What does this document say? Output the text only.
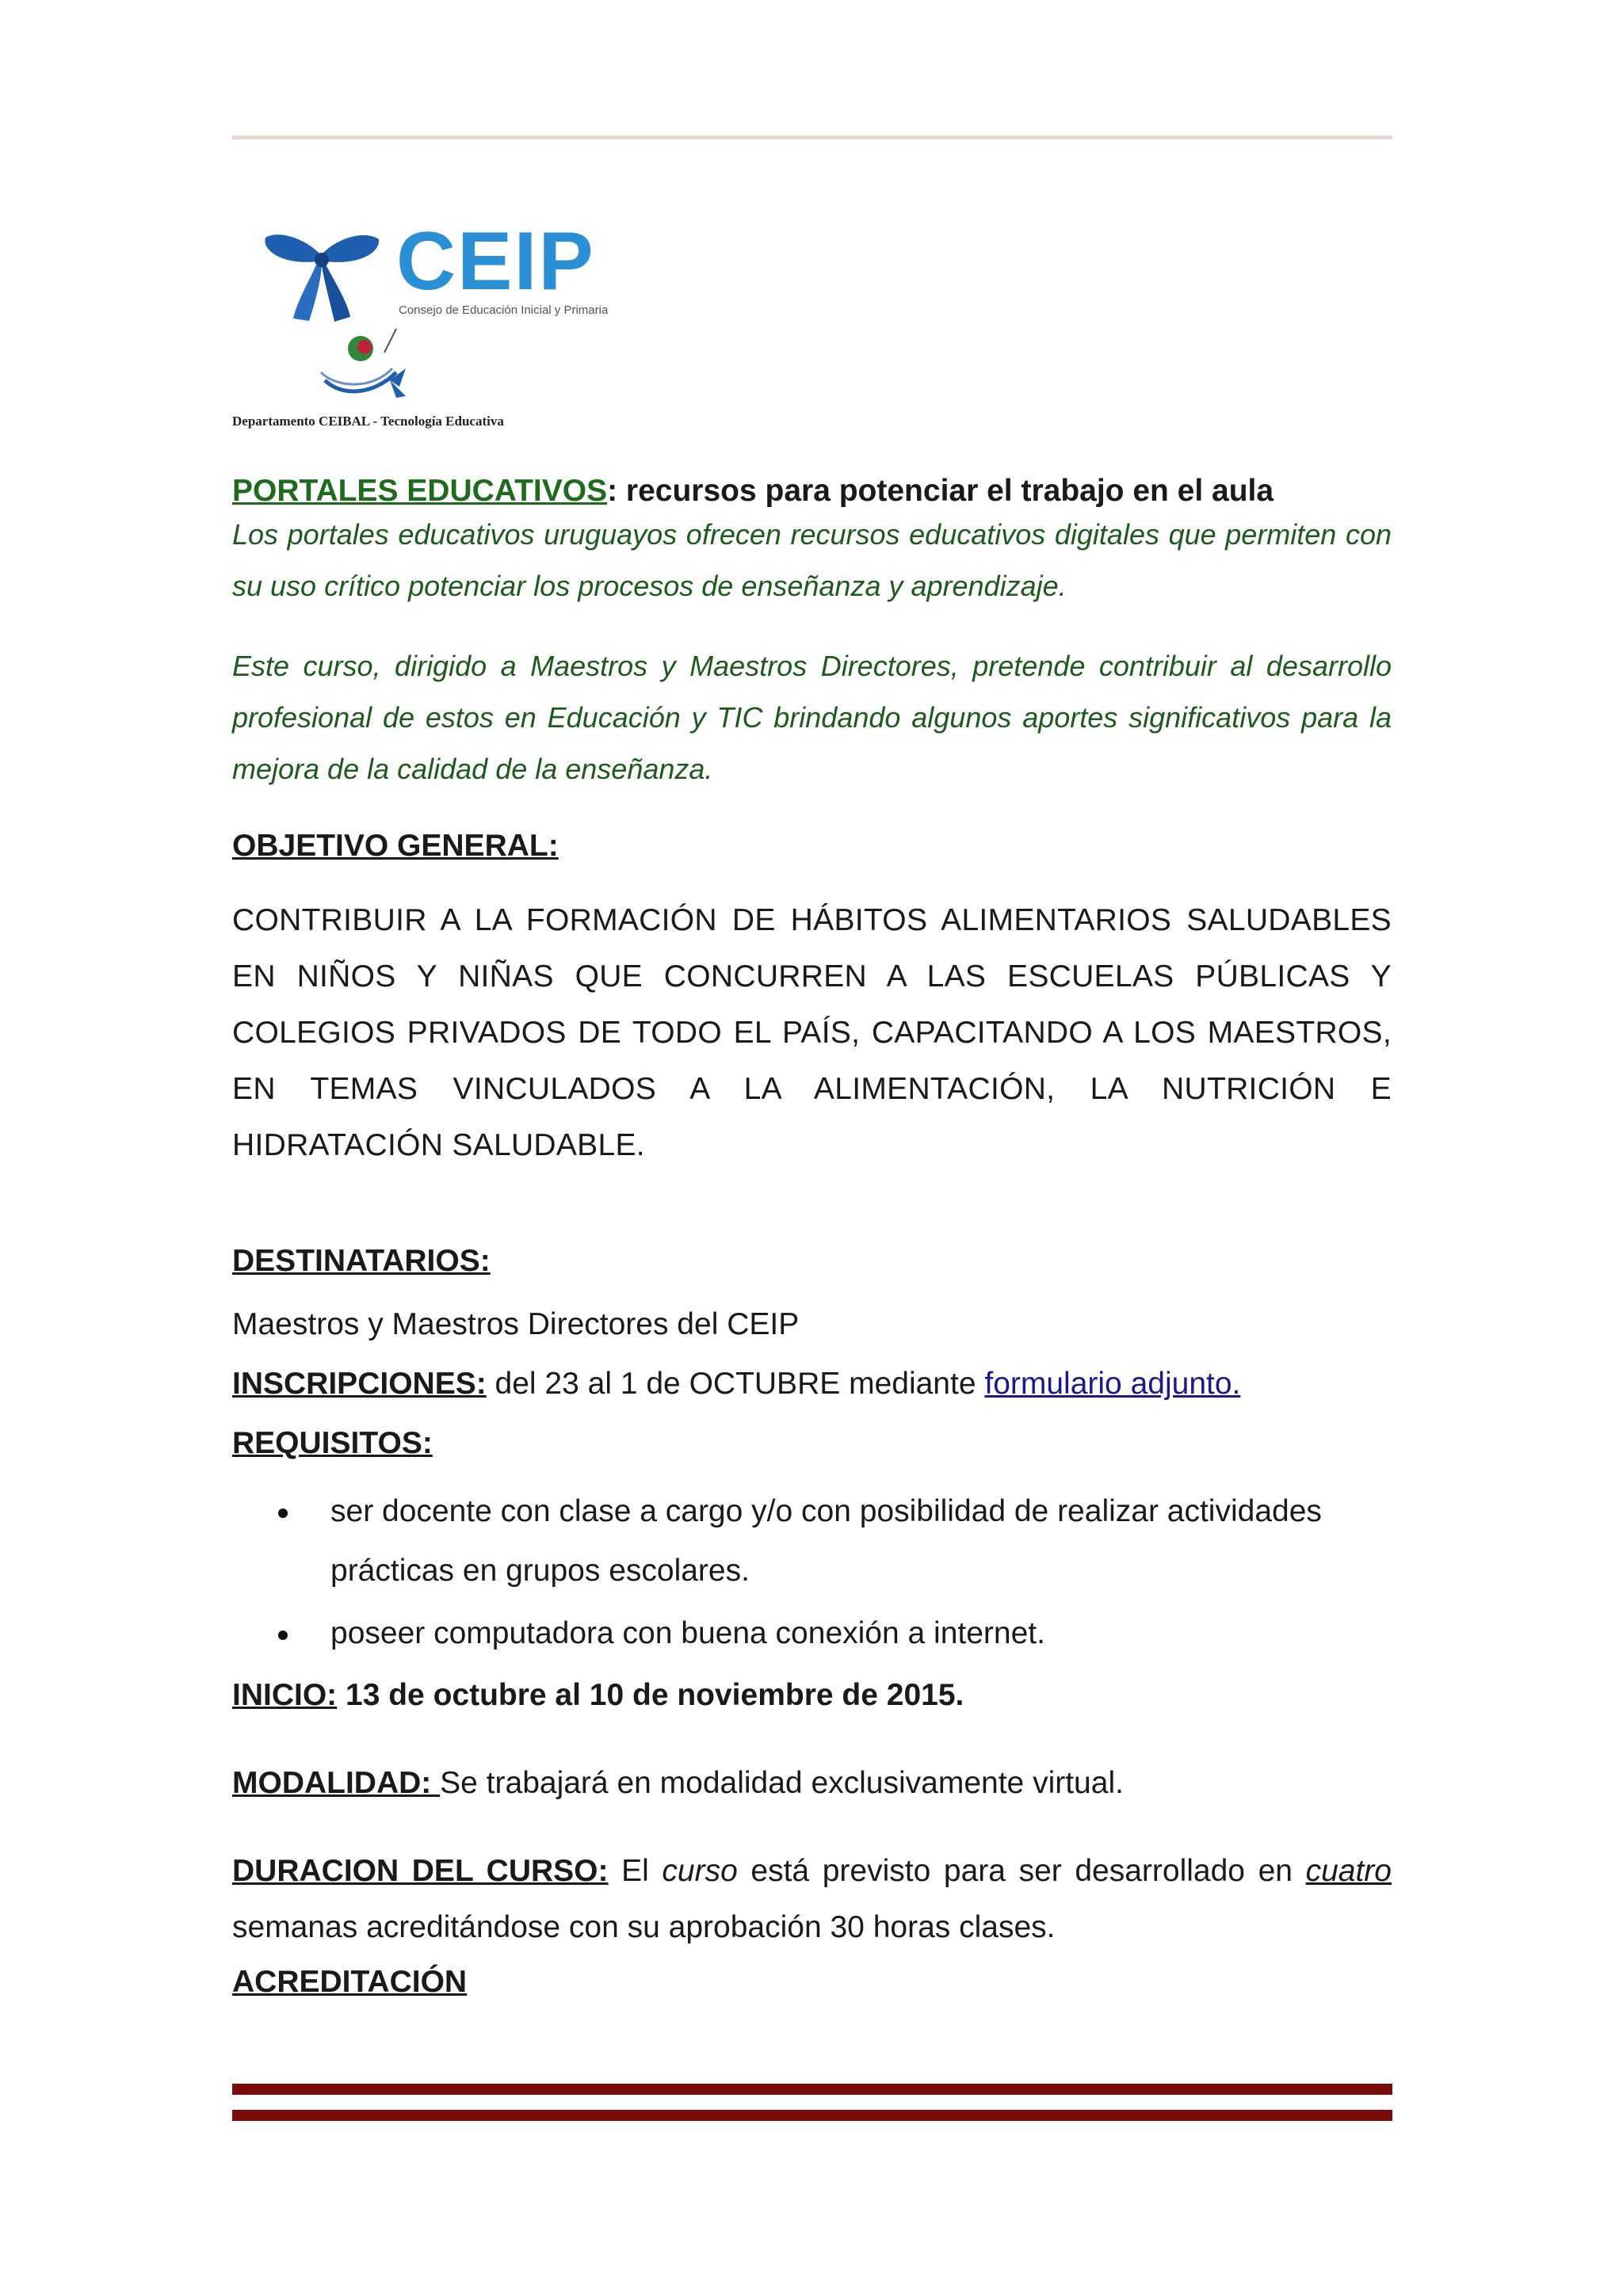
CEIP
Consejo de Educación Inicial y Primaria
Departamento CEIBAL - Tecnología Educativa
PORTALES EDUCATIVOS: recursos para potenciar el trabajo en el aula

Los portales educativos uruguayos ofrecen recursos educativos digitales que permiten con su uso crítico potenciar los procesos de enseñanza y aprendizaje.

Este curso, dirigido a Maestros y Maestros Directores, pretende contribuir al desarrollo profesional de estos en Educación y TIC brindando algunos aportes significativos para la mejora de la calidad de la enseñanza.

OBJETIVO GENERAL:
CONTRIBUIR A LA FORMACIÓN DE HÁBITOS ALIMENTARIOS SALUDABLES EN NIÑOS Y NIÑAS QUE CONCURREN A LAS ESCUELAS PÚBLICAS Y COLEGIOS PRIVADOS DE TODO EL PAÍS, CAPACITANDO A LOS MAESTROS, EN TEMAS VINCULADOS A LA ALIMENTACIÓN, LA NUTRICIÓN E HIDRATACIÓN SALUDABLE.
DESTINATARIOS:
Maestros y Maestros Directores del CEIP
INSCRIPCIONES: del 23 al 1 de OCTUBRE mediante formulario adjunto.
REQUISITOS:
ser docente con clase a cargo y/o con posibilidad de realizar actividades prácticas en grupos escolares.
poseer computadora con buena conexión a internet.
INICIO: 13 de octubre al 10 de noviembre de 2015.
MODALIDAD: Se trabajará en modalidad exclusivamente virtual.
DURACION DEL CURSO: El curso está previsto para ser desarrollado en cuatro semanas acreditándose con su aprobación 30 horas clases.
ACREDITACIÓN
